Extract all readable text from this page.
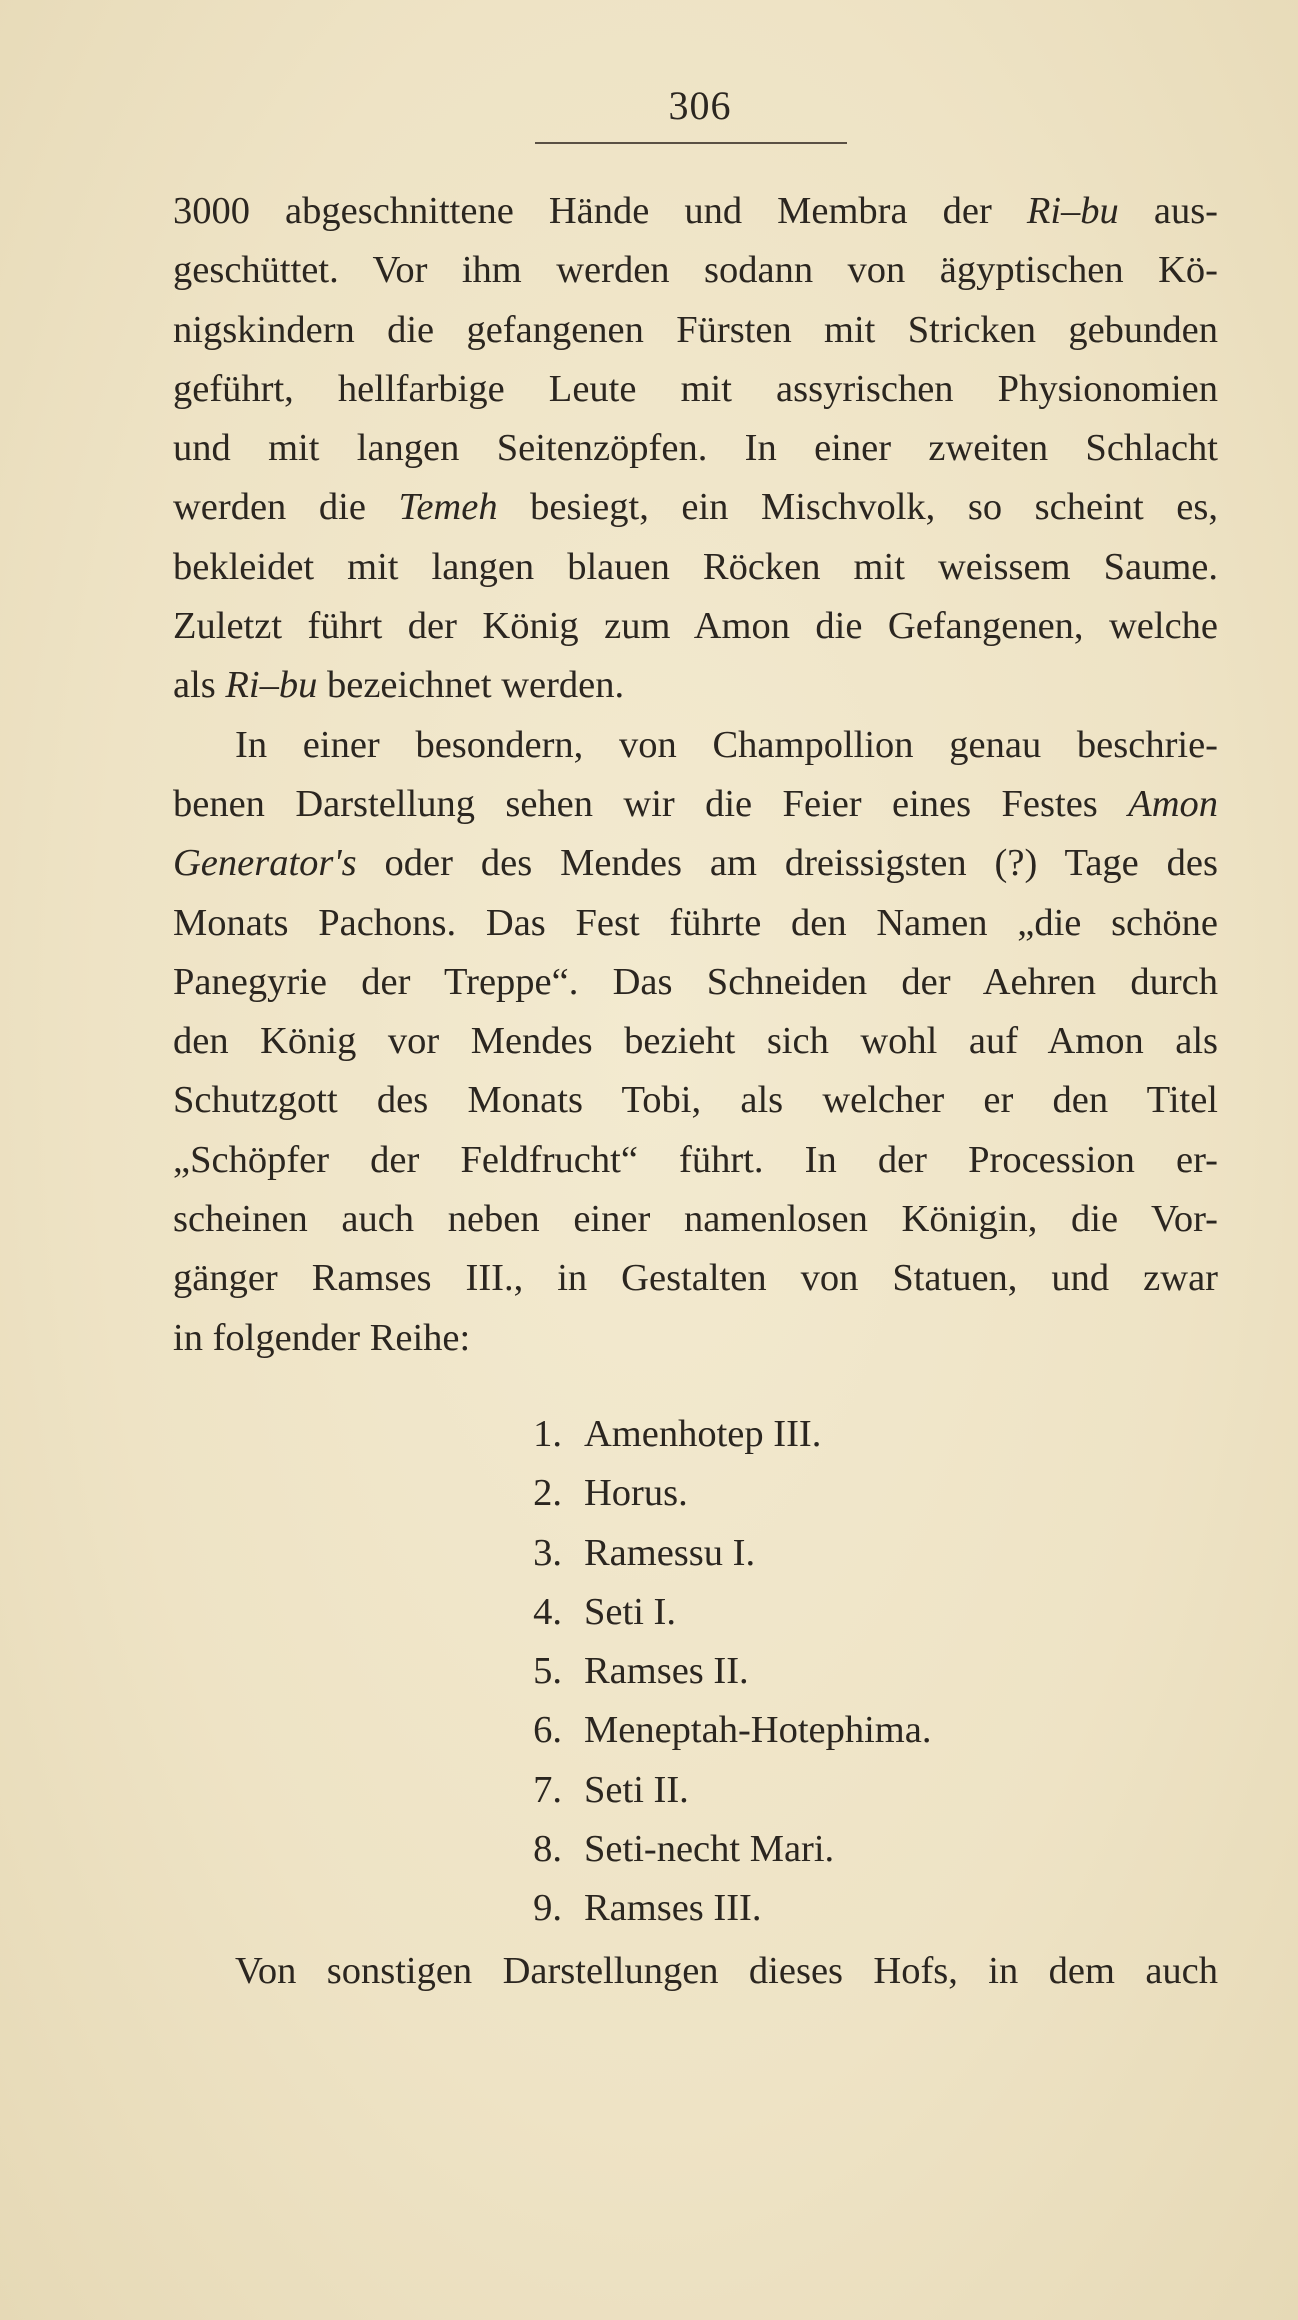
306
3000 abgeschnittene Hände und Membra der Ri–bu aus-
geschüttet. Vor ihm werden sodann von ägyptischen Kö-
nigskindern die gefangenen Fürsten mit Stricken gebunden
geführt, hellfarbige Leute mit assyrischen Physionomien
und mit langen Seitenzöpfen. In einer zweiten Schlacht
werden die Temeh besiegt, ein Mischvolk, so scheint es,
bekleidet mit langen blauen Röcken mit weissem Saume.
Zuletzt führt der König zum Amon die Gefangenen, welche
als Ri–bu bezeichnet werden.
In einer besondern, von Champollion genau beschrie-
benen Darstellung sehen wir die Feier eines Festes Amon
Generator's oder des Mendes am dreissigsten (?) Tage des
Monats Pachons. Das Fest führte den Namen „die schöne
Panegyrie der Treppe“. Das Schneiden der Aehren durch
den König vor Mendes bezieht sich wohl auf Amon als
Schutzgott des Monats Tobi, als welcher er den Titel
„Schöpfer der Feldfrucht“ führt. In der Procession er-
scheinen auch neben einer namenlosen Königin, die Vor-
gänger Ramses III., in Gestalten von Statuen, und zwar
in folgender Reihe:
1. Amenhotep III.
2. Horus.
3. Ramessu I.
4. Seti I.
5. Ramses II.
6. Meneptah-Hotephima.
7. Seti II.
8. Seti-necht Mari.
9. Ramses III.
Von sonstigen Darstellungen dieses Hofs, in dem auch
